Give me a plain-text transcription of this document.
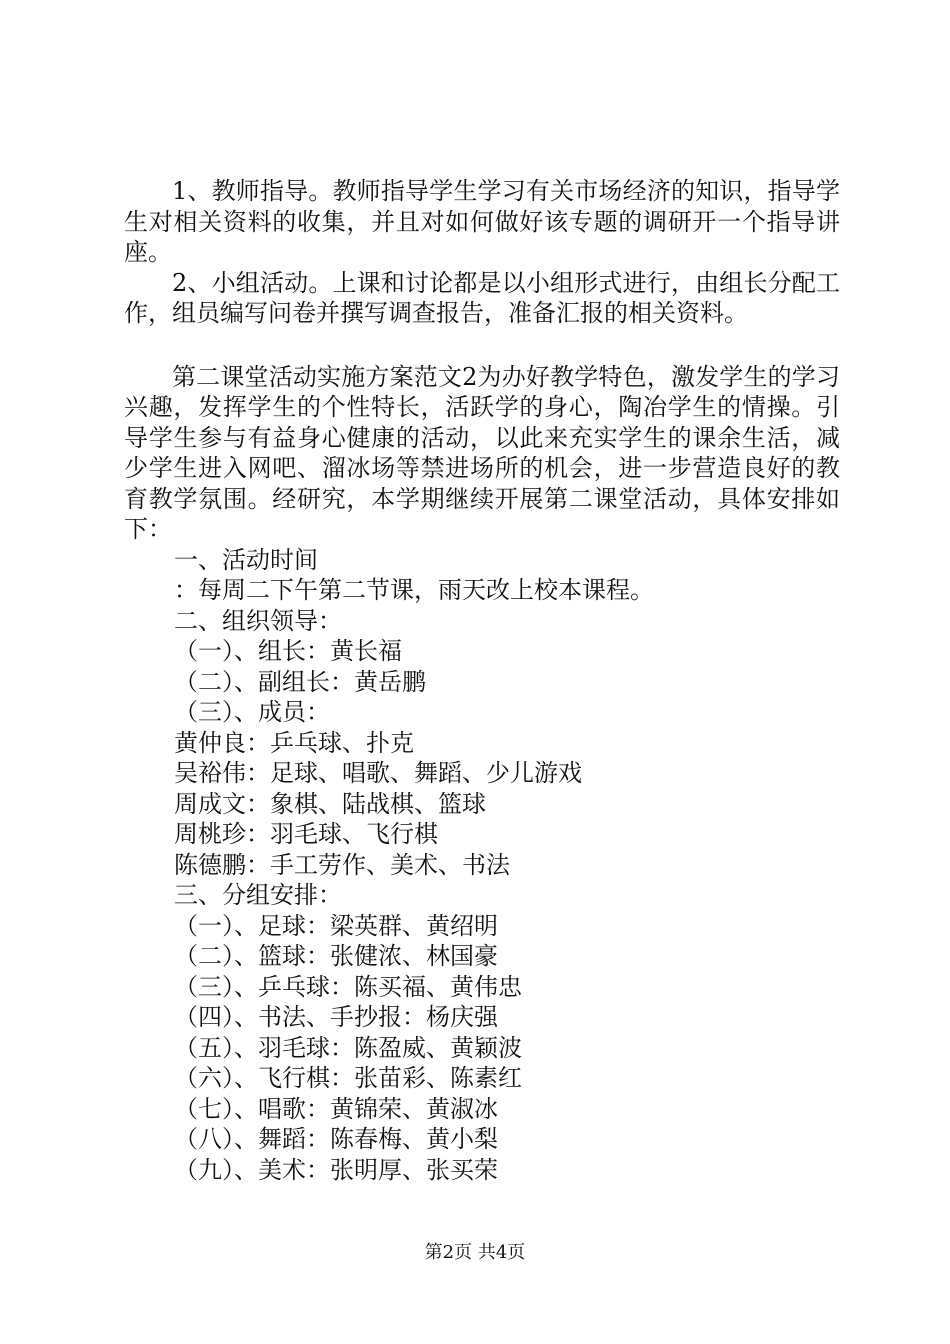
1、教师指导。教师指导学生学习有关市场经济的知识，指导学生对相关资料的收集，并且对如何做好该专题的调研开一个指导讲座。

2、小组活动。上课和讨论都是以小组形式进行，由组长分配工作，组员编写问卷并撰写调查报告，准备汇报的相关资料。

第二课堂活动实施方案范文2为办好教学特色，激发学生的学习兴趣，发挥学生的个性特长，活跃学的身心，陶冶学生的情操。引导学生参与有益身心健康的活动，以此来充实学生的课余生活，减少学生进入网吧、溜冰场等禁进场所的机会，进一步营造良好的教育教学氛围。经研究，本学期继续开展第二课堂活动，具体安排如下：

一、活动时间

：每周二下午第二节课，雨天改上校本课程。

二、组织领导：

（一）、组长：黄长福

（二）、副组长：黄岳鹏

（三）、成员：

黄仲良：乒乓球、扑克

吴裕伟：足球、唱歌、舞蹈、少儿游戏

周成文：象棋、陆战棋、篮球

周桃珍：羽毛球、飞行棋

陈德鹏：手工劳作、美术、书法

三、分组安排：

（一）、足球：梁英群、黄绍明

（二）、篮球：张健浓、林国豪

（三）、乒乓球：陈买福、黄伟忠

（四）、书法、手抄报：杨庆强

（五）、羽毛球：陈盈威、黄颖波

（六）、飞行棋：张苗彩、陈素红

（七）、唱歌：黄锦荣、黄淑冰

（八）、舞蹈：陈春梅、黄小梨

（九）、美术：张明厚、张买荣

第2页 共4页
